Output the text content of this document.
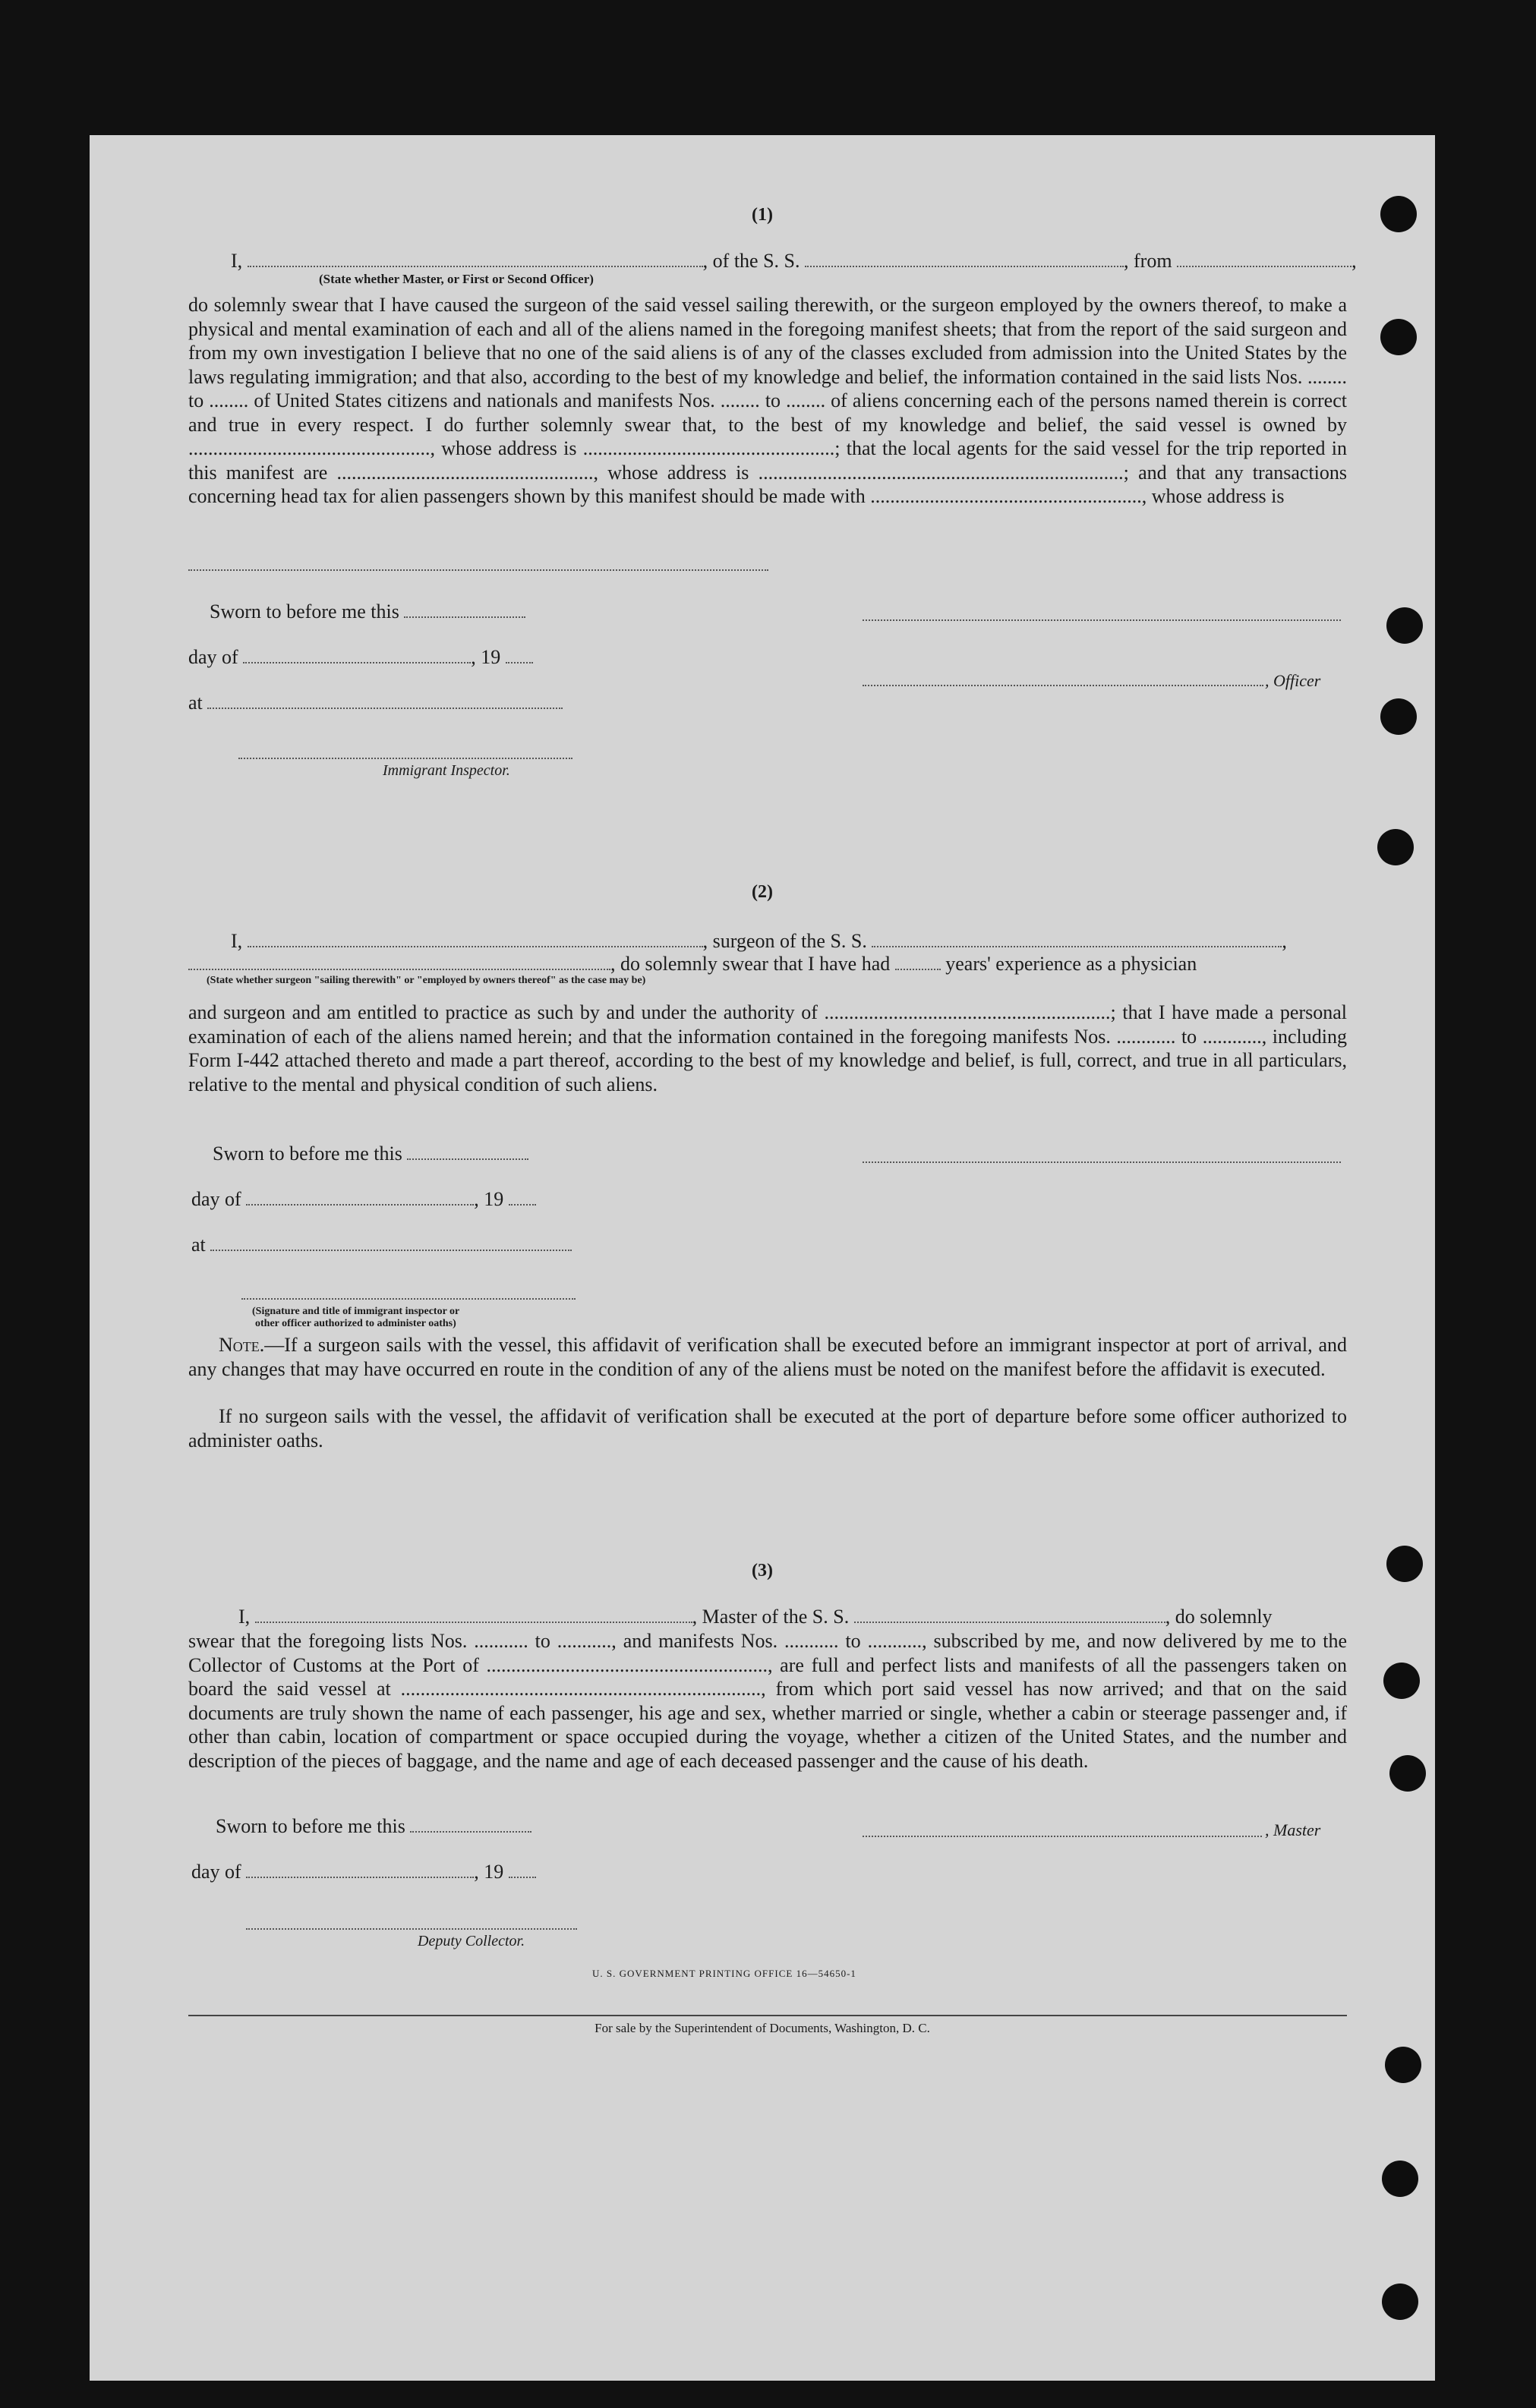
(1)
I,	, of the S. S.	, from	,
(State whether Master, or First or Second Officer)
do solemnly swear that I have caused the surgeon of the said vessel sailing therewith, or the surgeon employed by the owners thereof, to make a physical and mental examination of each and all of the aliens named in the foregoing manifest sheets; that from the report of the said surgeon and from my own investigation I believe that no one of the said aliens is of any of the classes excluded from admission into the United States by the laws regulating immigration; and that also, according to the best of my knowledge and belief, the information contained in the said lists Nos. ........ to ........ of United States citizens and nationals and manifests Nos. ........ to ........ of aliens concerning each of the persons named therein is correct and true in every respect. I do further solemnly swear that, to the best of my knowledge and belief, the said vessel is owned by ................................................., whose address is ...................................................; that the local agents for the said vessel for the trip reported in this manifest are ...................................................., whose address is ..........................................................................; and that any transactions concerning head tax for alien passengers shown by this manifest should be made with ......................................................., whose address is
Sworn to before me this
day of	, 19
, Officer
at
Immigrant Inspector.
(2)
I,	, surgeon of the S. S.	,
, do solemnly swear that I have had	years' experience as a physician
(State whether surgeon "sailing therewith" or "employed by owners thereof" as the case may be)
and surgeon and am entitled to practice as such by and under the authority of ..........................................................; that I have made a personal examination of each of the aliens named herein; and that the information contained in the foregoing manifests Nos. ............ to ............, including Form I-442 attached thereto and made a part thereof, according to the best of my knowledge and belief, is full, correct, and true in all particulars, relative to the mental and physical condition of such aliens.
Sworn to before me this
day of	, 19
at
(Signature and title of immigrant inspector or
other officer authorized to administer oaths)
Note.—If a surgeon sails with the vessel, this affidavit of verification shall be executed before an immigrant inspector at port of arrival, and any changes that may have occurred en route in the condition of any of the aliens must be noted on the manifest before the affidavit is executed.
If no surgeon sails with the vessel, the affidavit of verification shall be executed at the port of departure before some officer authorized to administer oaths.
(3)
I,	, Master of the S. S.	, do solemnly
swear that the foregoing lists Nos. ........... to ..........., and manifests Nos. ........... to ..........., subscribed by me, and now delivered by me to the Collector of Customs at the Port of ........................................................., are full and perfect lists and manifests of all the passengers taken on board the said vessel at ........................................................................., from which port said vessel has now arrived; and that on the said documents are truly shown the name of each passenger, his age and sex, whether married or single, whether a cabin or steerage passenger and, if other than cabin, location of compartment or space occupied during the voyage, whether a citizen of the United States, and the number and description of the pieces of baggage, and the name and age of each deceased passenger and the cause of his death.
Sworn to before me this	, Master
day of	, 19
Deputy Collector.
U. S. GOVERNMENT PRINTING OFFICE 16—54650-1
For sale by the Superintendent of Documents, Washington, D. C.
